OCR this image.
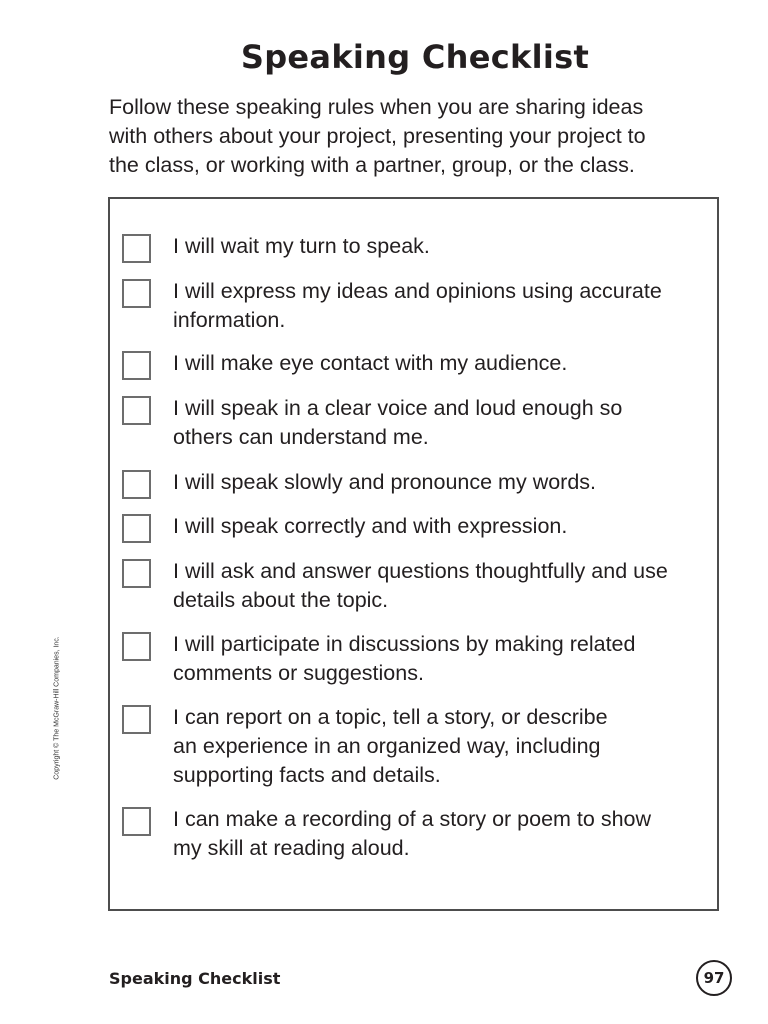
Speaking Checklist

Follow these speaking rules when you are sharing ideas
with others about your project, presenting your project to
the class, or working with a partner, group, or the class.

I will wait my turn to speak.
I will express my ideas and opinions using accurate
information.
I will make eye contact with my audience.
I will speak in a clear voice and loud enough so
others can understand me.
I will speak slowly and pronounce my words.
I will speak correctly and with expression.
I will ask and answer questions thoughtfully and use
details about the topic.
I will participate in discussions by making related
comments or suggestions.
I can report on a topic, tell a story, or describe
an experience in an organized way, including
supporting facts and details.
I can make a recording of a story or poem to show
my skill at reading aloud.
Copyright © The McGraw-Hill Companies, Inc.
Speaking Checklist	97
